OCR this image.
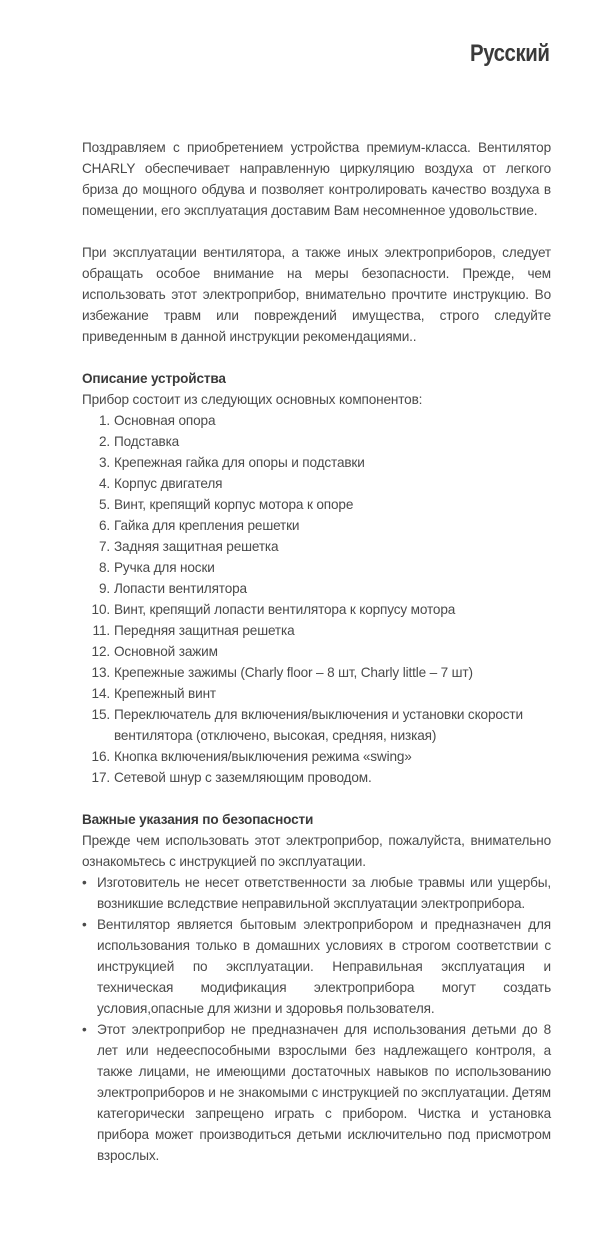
Русский

Поздравляем с приобретением устройства премиум-класса. Вентилятор CHARLY обеспечивает направленную циркуляцию воздуха от легкого бриза до мощного обдува и позволяет контролировать качество воздуха в помещении, его эксплуатация доставим Вам несомненное удовольствие.

При эксплуатации вентилятора, а также иных электроприборов, следует обращать особое внимание на меры безопасности. Прежде, чем использовать этот электроприбор, внимательно прочтите инструкцию. Во избежание травм или повреждений имущества, строго следуйте приведенным в данной инструкции рекомендациями..

Описание устройства

Прибор состоит из следующих основных компонентов:

1. Основная опора
2. Подставка
3. Крепежная гайка для опоры и подставки
4. Корпус двигателя
5. Винт, крепящий корпус мотора к опоре
6. Гайка для крепления решетки
7. Задняя защитная решетка
8. Ручка для носки
9. Лопасти вентилятора
10. Винт, крепящий лопасти вентилятора к корпусу мотора
11. Передняя защитная решетка
12. Основной зажим
13. Крепежные зажимы (Charly floor – 8 шт, Charly little – 7 шт)
14. Крепежный винт
15. Переключатель для включения/выключения и установки скорости вентилятора (отключено, высокая, средняя, низкая)
16. Кнопка включения/выключения режима «swing»
17. Сетевой шнур с заземляющим проводом.

Важные указания по безопасности

Прежде чем использовать этот электроприбор, пожалуйста, внимательно ознакомьтесь с инструкцией по эксплуатации.

• Изготовитель не несет ответственности за любые травмы или ущербы, возникшие вследствие неправильной эксплуатации электроприбора.
• Вентилятор является бытовым электроприбором и предназначен для использования только в домашних условиях в строгом соответствии с инструкцией по эксплуатации. Неправильная эксплуатация и техническая модификация электроприбора могут создать условия,опасные для жизни и здоровья пользователя.
• Этот электроприбор не предназначен для использования детьми до 8 лет или недееспособными взрослыми без надлежащего контроля, а также лицами, не имеющими достаточных навыков по использованию электроприборов и не знакомыми с инструкцией по эксплуатации. Детям категорически запрещено играть с прибором. Чистка и установка прибора может производиться детьми исключительно под присмотром взрослых.
